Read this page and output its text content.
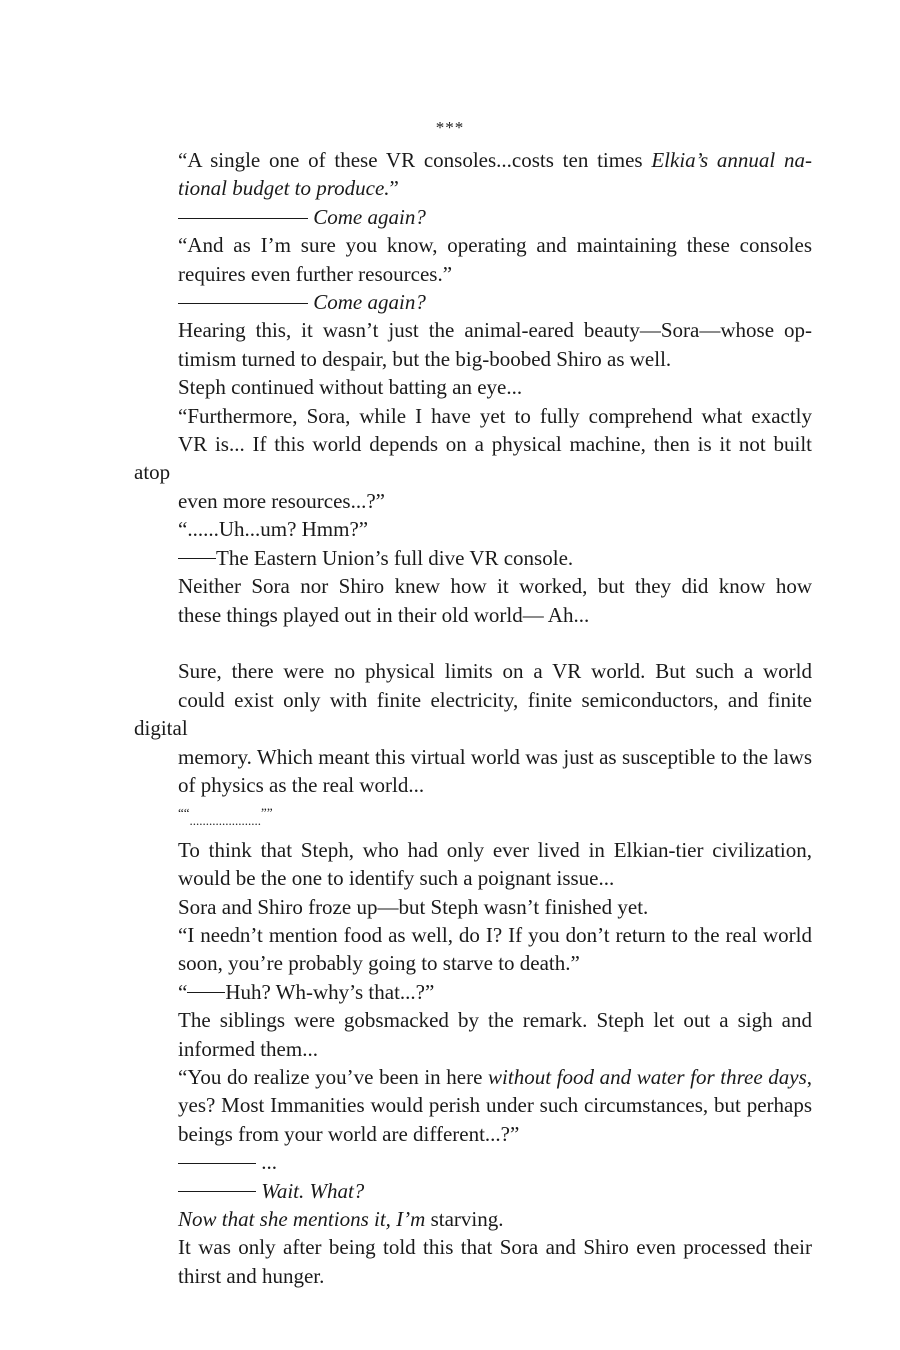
***
“A single one of these VR consoles...costs ten times Elkia’s annual na-
tional budget to produce.”
Come again?
“And as I’m sure you know, operating and maintaining these consoles
requires even further resources.”
Come again?
Hearing this, it wasn’t just the animal-eared beauty—Sora—whose op-
timism turned to despair, but the big-boobed Shiro as well.
Steph continued without batting an eye...
“Furthermore, Sora, while I have yet to fully comprehend what exactly
VR is... If this world depends on a physical machine, then is it not built atop
even more resources...?”
“......Uh...um? Hmm?”
The Eastern Union’s full dive VR console.
Neither Sora nor Shiro knew how it worked, but they did know how
these things played out in their old world— Ah...
Sure, there were no physical limits on a VR world. But such a world
could exist only with finite electricity, finite semiconductors, and finite digital
memory. Which meant this virtual world was just as susceptible to the laws
of physics as the real world...
““......................””
To think that Steph, who had only ever lived in Elkian-tier civilization,
would be the one to identify such a poignant issue...
Sora and Shiro froze up—but Steph wasn’t finished yet.
“I needn’t mention food as well, do I? If you don’t return to the real world
soon, you’re probably going to starve to death.”
“ Huh? Wh-why’s that...?”
The siblings were gobsmacked by the remark. Steph let out a sigh and
informed them...
“You do realize you’ve been in here without food and water for three days,
yes? Most Immanities would perish under such circumstances, but perhaps
beings from your world are different...?”
...
Wait. What?
Now that she mentions it, I’m starving.
It was only after being told this that Sora and Shiro even processed their
thirst and hunger.
